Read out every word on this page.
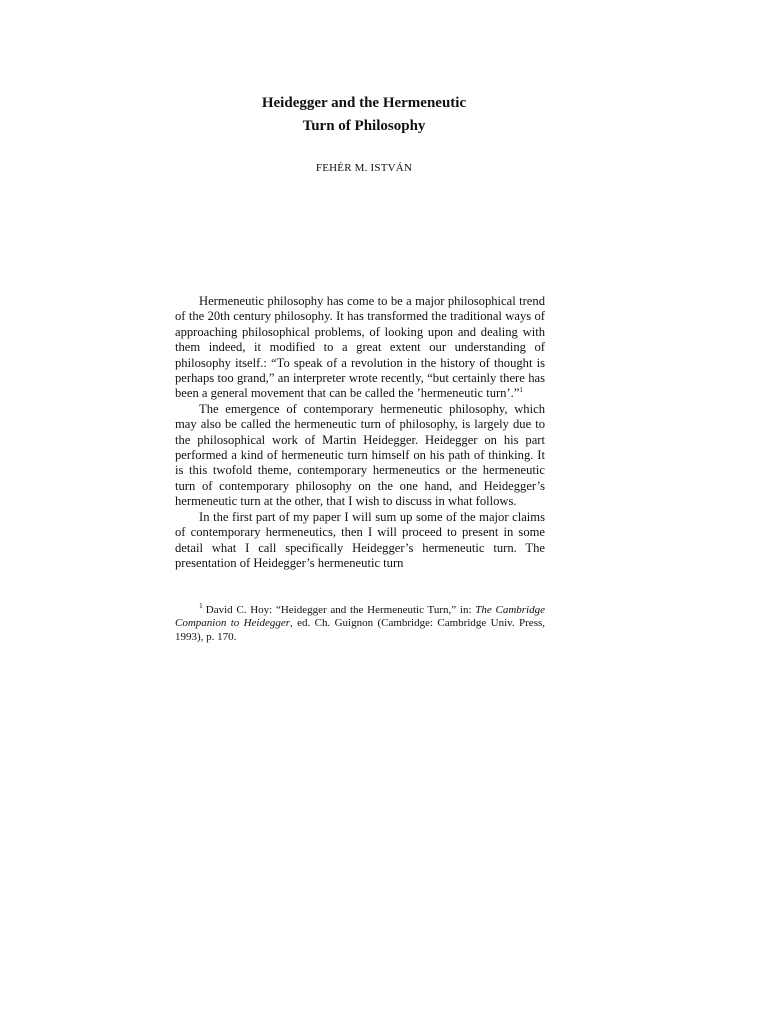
Heidegger and the Hermeneutic
Turn of Philosophy
FEHÉR M. ISTVÁN

Hermeneutic philosophy has come to be a major philosophical trend of the 20th century philosophy. It has transformed the traditional ways of approaching philosophical problems, of looking upon and dealing with them indeed, it modified to a great extent our understanding of philosophy itself.: “To speak of a revolution in the history of thought is perhaps too grand,” an interpreter wrote recently, “but certainly there has been a general movement that can be called the ’hermeneutic turn’.”$^1$

The emergence of contemporary hermeneutic philosophy, which may also be called the hermeneutic turn of philosophy, is largely due to the philosophical work of Martin Heidegger. Heidegger on his part performed a kind of hermeneutic turn himself on his path of thinking. It is this twofold theme, contemporary hermeneutics or the hermeneutic turn of contemporary philosophy on the one hand, and Heidegger’s hermeneutic turn at the other, that I wish to discuss in what follows.

In the first part of my paper I will sum up some of the major claims of contemporary hermeneutics, then I will proceed to present in some detail what I call specifically Heidegger’s hermeneutic turn. The presentation of Heidegger’s hermeneutic turn

$^1$ David C. Hoy: “Heidegger and the Hermeneutic Turn,” in: The Cambridge Companion to Heidegger, ed. Ch. Guignon (Cambridge: Cambridge Univ. Press, 1993), p. 170.
